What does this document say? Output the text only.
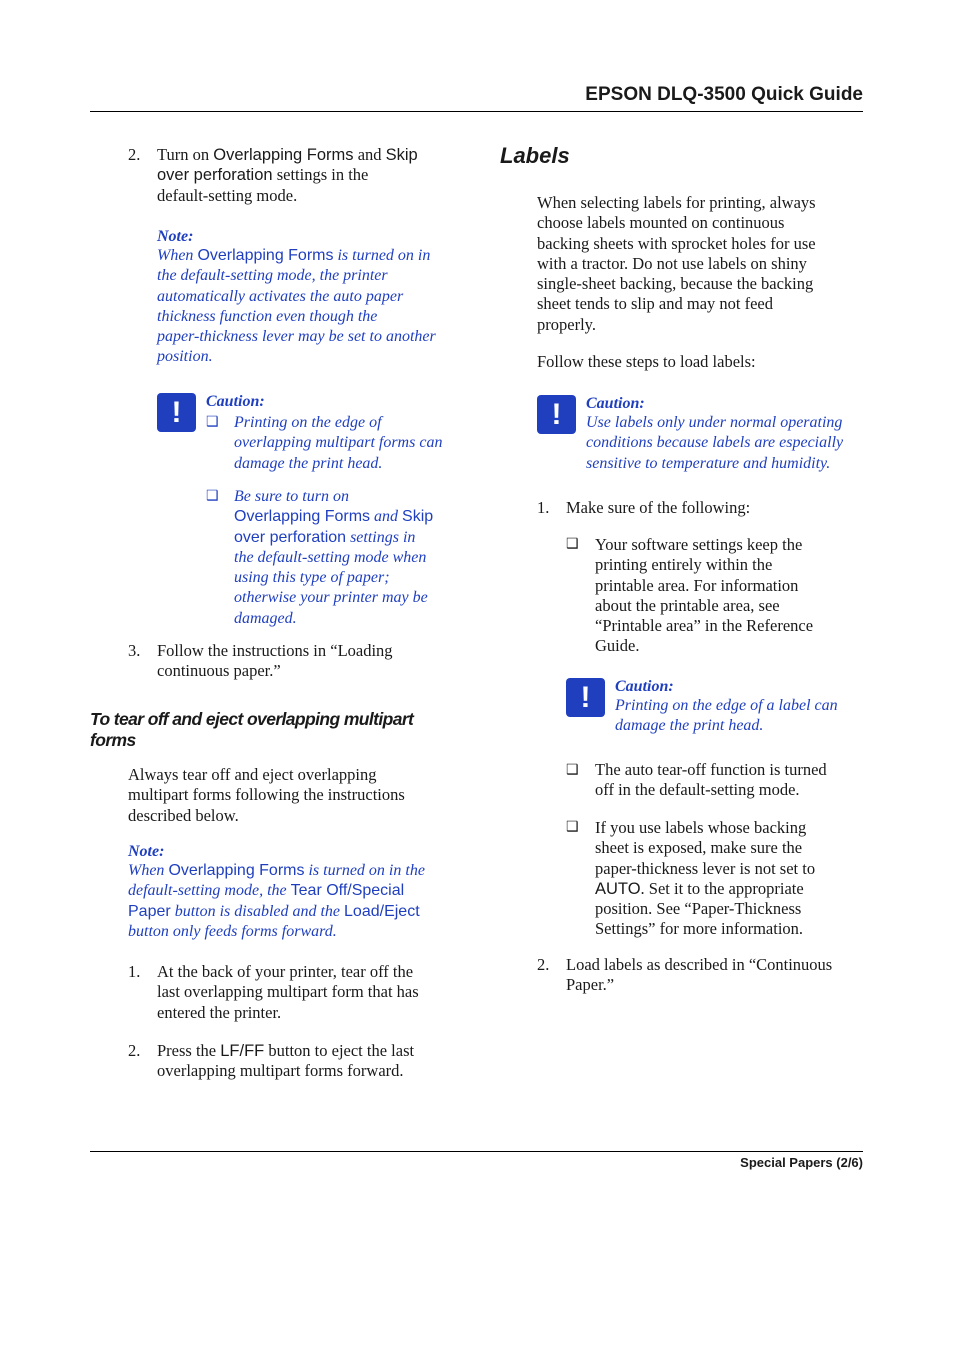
EPSON DLQ-3500 Quick Guide
2. Turn on Overlapping Forms and Skip
over perforation settings in the
default-setting mode.
Note:
When Overlapping Forms is turned on in
the default-setting mode, the printer
automatically activates the auto paper
thickness function even though the
paper-thickness lever may be set to another
position.
! Caution:
❑ Printing on the edge of
overlapping multipart forms can
damage the print head.
❑ Be sure to turn on
Overlapping Forms and Skip
over perforation settings in
the default-setting mode when
using this type of paper;
otherwise your printer may be
damaged.
3. Follow the instructions in “Loading
continuous paper.”
To tear off and eject overlapping multipart
forms
Always tear off and eject overlapping
multipart forms following the instructions
described below.
Note:
When Overlapping Forms is turned on in the
default-setting mode, the Tear Off/Special
Paper button is disabled and the Load/Eject
button only feeds forms forward.
1. At the back of your printer, tear off the
last overlapping multipart form that has
entered the printer.
2. Press the LF/FF button to eject the last
overlapping multipart forms forward.
Labels
When selecting labels for printing, always
choose labels mounted on continuous
backing sheets with sprocket holes for use
with a tractor. Do not use labels on shiny
single-sheet backing, because the backing
sheet tends to slip and may not feed
properly.
Follow these steps to load labels:
! Caution:
Use labels only under normal operating
conditions because labels are especially
sensitive to temperature and humidity.
1. Make sure of the following:
❑ Your software settings keep the
printing entirely within the
printable area. For information
about the printable area, see
“Printable area” in the Reference
Guide.
! Caution:
Printing on the edge of a label can
damage the print head.
❑ The auto tear-off function is turned
off in the default-setting mode.
❑ If you use labels whose backing
sheet is exposed, make sure the
paper-thickness lever is not set to
AUTO. Set it to the appropriate
position. See “Paper-Thickness
Settings” for more information.
2. Load labels as described in “Continuous
Paper.”
Special Papers (2/6)
